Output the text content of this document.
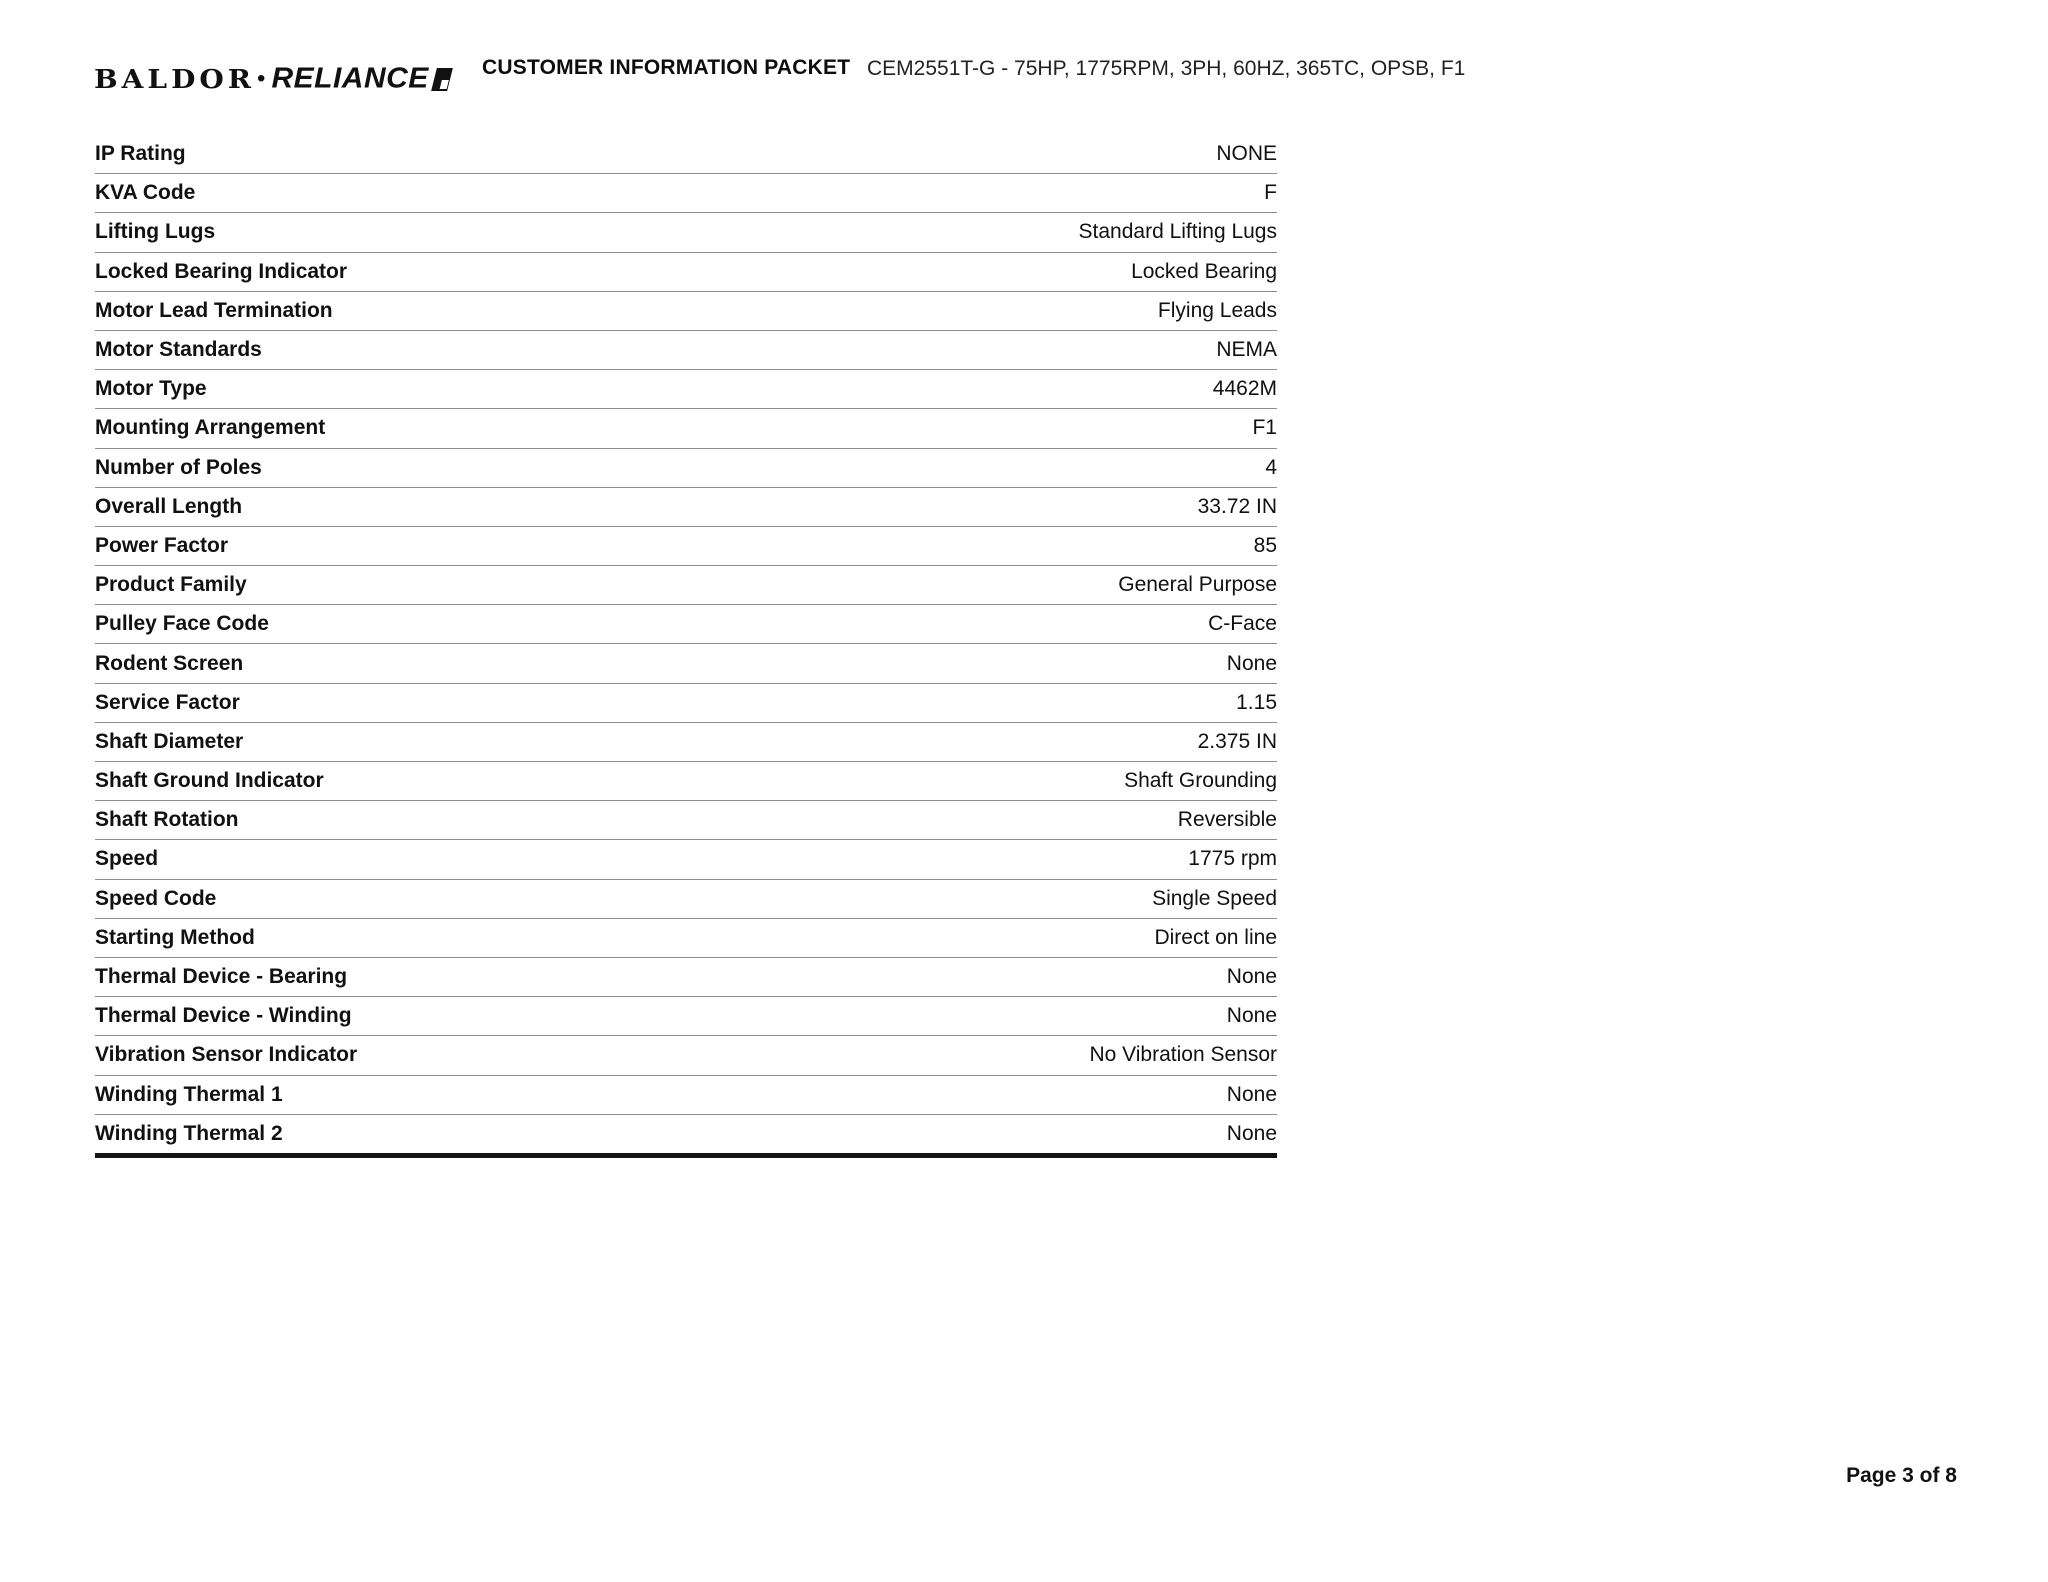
BALDOR • RELIANCE	CUSTOMER INFORMATION PACKET CEM2551T-G - 75HP, 1775RPM, 3PH, 60HZ, 365TC, OPSB, F1
IP Rating	NONE
KVA Code	F
Lifting Lugs	Standard Lifting Lugs
Locked Bearing Indicator	Locked Bearing
Motor Lead Termination	Flying Leads
Motor Standards	NEMA
Motor Type	4462M
Mounting Arrangement	F1
Number of Poles	4
Overall Length	33.72 IN
Power Factor	85
Product Family	General Purpose
Pulley Face Code	C-Face
Rodent Screen	None
Service Factor	1.15
Shaft Diameter	2.375 IN
Shaft Ground Indicator	Shaft Grounding
Shaft Rotation	Reversible
Speed	1775 rpm
Speed Code	Single Speed
Starting Method	Direct on line
Thermal Device - Bearing	None
Thermal Device - Winding	None
Vibration Sensor Indicator	No Vibration Sensor
Winding Thermal 1	None
Winding Thermal 2	None
Page 3 of 8
